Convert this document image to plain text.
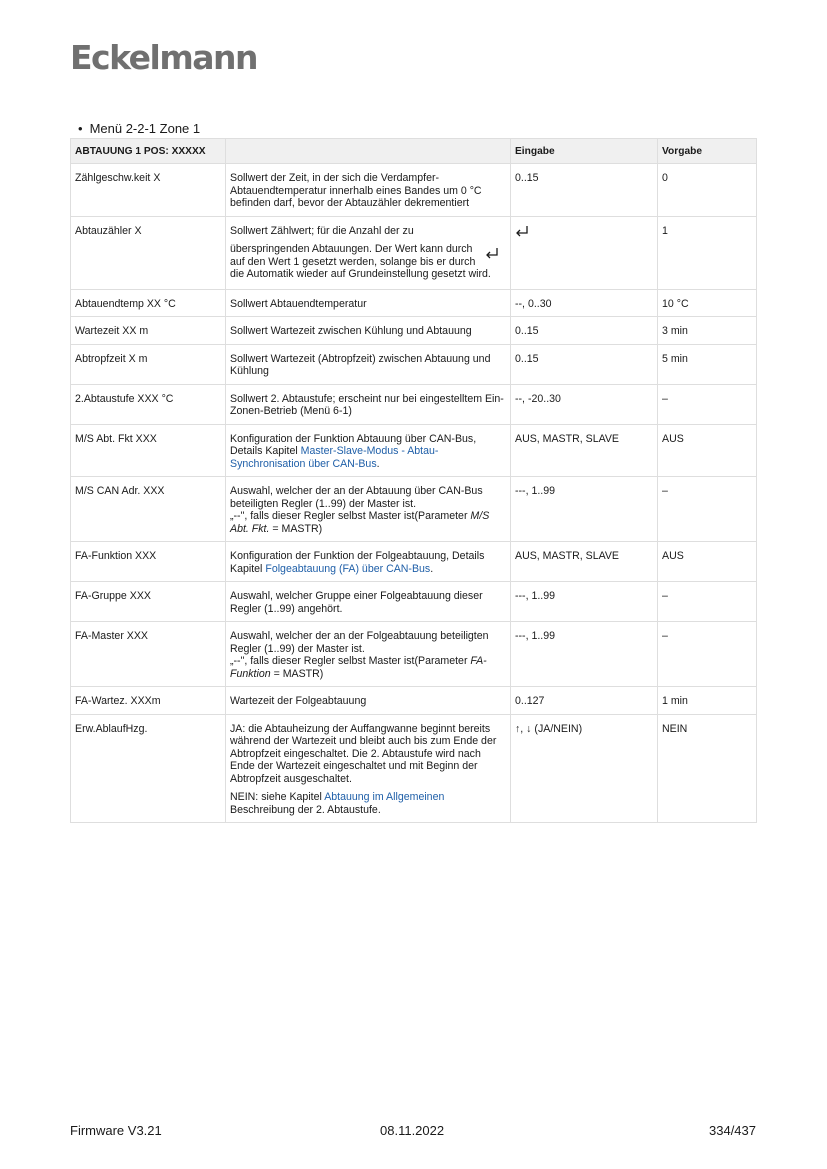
Eckelmann
• Menü 2-2-1 Zone 1
ABTAUUNG 1 POS: XXXXX		Eingabe	Vorgabe
Zählgeschw.keit X	Sollwert der Zeit, in der sich die Verdampfer-Abtauendtemperatur innerhalb eines Bandes um 0 °C befinden darf, bevor der Abtauzähler dekrementiert	0..15	0
Abtauzähler X	Sollwert Zählwert; für die Anzahl der zu

überspringenden Abtauungen. Der Wert kann durch

auf den Wert 1 gesetzt werden, solange bis er durch die Automatik wieder auf Grundeinstellung gesetzt wird.		1
Abtauendtemp XX °C	Sollwert Abtauendtemperatur	--, 0..30	10 °C
Wartezeit XX m	Sollwert Wartezeit zwischen Kühlung und Abtauung	0..15	3 min
Abtropfzeit X m	Sollwert Wartezeit (Abtropfzeit) zwischen Abtauung und Kühlung	0..15	5 min
2.Abtaustufe XXX °C	Sollwert 2. Abtaustufe; erscheint nur bei eingestelltem Ein-Zonen-Betrieb (Menü 6-1)	--, -20..30	–
M/S Abt. Fkt XXX	Konfiguration der Funktion Abtauung über CAN-Bus, Details Kapitel Master-Slave-Modus - Abtau-Synchronisation über CAN-Bus.	AUS, MASTR, SLAVE	AUS
M/S CAN Adr. XXX	Auswahl, welcher der an der Abtauung über CAN-Bus beteiligten Regler (1..99) der Master ist.
„--", falls dieser Regler selbst Master ist(Parameter M/S Abt. Fkt. = MASTR)	---, 1..99	–
FA-Funktion XXX	Konfiguration der Funktion der Folgeabtauung, Details Kapitel Folgeabtauung (FA) über CAN-Bus.	AUS, MASTR, SLAVE	AUS
FA-Gruppe XXX	Auswahl, welcher Gruppe einer Folgeabtauung dieser Regler (1..99) angehört.	---, 1..99	–
FA-Master XXX	Auswahl, welcher der an der Folgeabtauung beteiligten Regler (1..99) der Master ist.
„--", falls dieser Regler selbst Master ist(Parameter FA-Funktion = MASTR)	---, 1..99	–
FA-Wartez. XXXm	Wartezeit der Folgeabtauung	0..127	1 min
Erw.AblaufHzg.	JA: die Abtauheizung der Auffangwanne beginnt bereits während der Wartezeit und bleibt auch bis zum Ende der Abtropfzeit eingeschaltet. Die 2. Abtaustufe wird nach Ende der Wartezeit eingeschaltet und mit Beginn der Abtropfzeit ausgeschaltet.

NEIN: siehe Kapitel Abtauung im Allgemeinen Beschreibung der 2. Abtaustufe.	↑, ↓ (JA/NEIN)	NEIN
Firmware V3.21	08.11.2022	334/437
